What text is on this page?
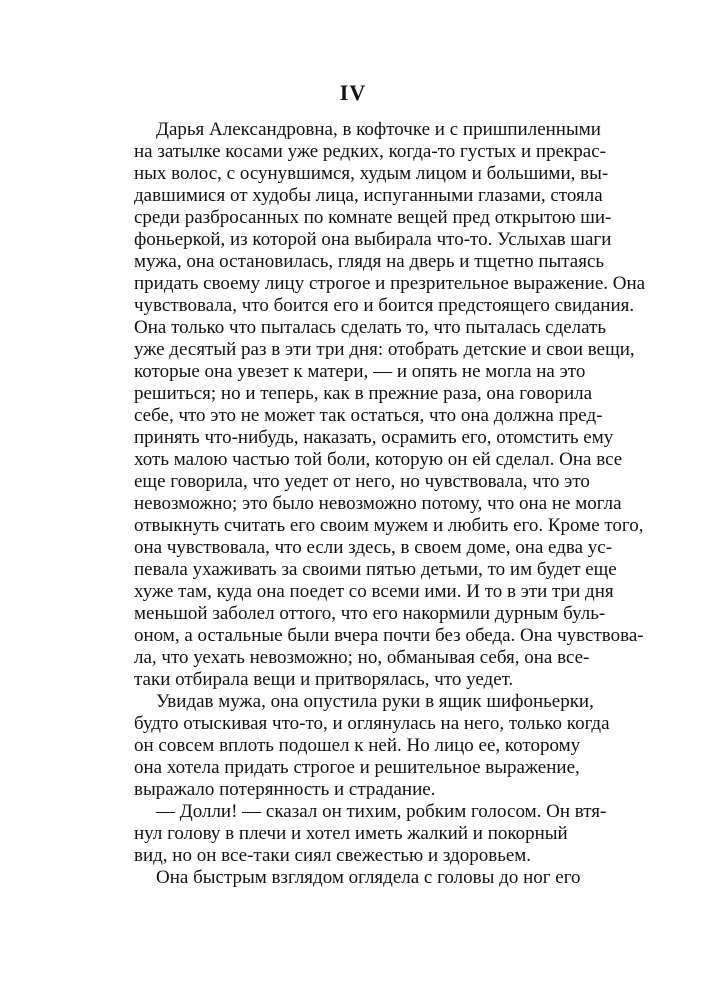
IV
Дарья Александровна, в кофточке и с пришпиленными
на затылке косами уже редких, когда-то густых и прекрас-
ных волос, с осунувшимся, худым лицом и большими, вы-
давшимися от худобы лица, испуганными глазами, стояла
среди разбросанных по комнате вещей пред открытою ши-
фоньеркой, из которой она выбирала что-то. Услыхав шаги
мужа, она остановилась, глядя на дверь и тщетно пытаясь
придать своему лицу строгое и презрительное выражение. Она
чувствовала, что боится его и боится предстоящего свидания.
Она только что пыталась сделать то, что пыталась сделать
уже десятый раз в эти три дня: отобрать детские и свои вещи,
которые она увезет к матери, — и опять не могла на это
решиться; но и теперь, как в прежние раза, она говорила
себе, что это не может так остаться, что она должна пред-
принять что-нибудь, наказать, осрамить его, отомстить ему
хоть малою частью той боли, которую он ей сделал. Она все
еще говорила, что уедет от него, но чувствовала, что это
невозможно; это было невозможно потому, что она не могла
отвыкнуть считать его своим мужем и любить его. Кроме того,
она чувствовала, что если здесь, в своем доме, она едва ус-
певала ухаживать за своими пятью детьми, то им будет еще
хуже там, куда она поедет со всеми ими. И то в эти три дня
меньшой заболел оттого, что его накормили дурным буль-
оном, а остальные были вчера почти без обеда. Она чувствова-
ла, что уехать невозможно; но, обманывая себя, она все-
таки отбирала вещи и притворялась, что уедет.
Увидав мужа, она опустила руки в ящик шифоньерки,
будто отыскивая что-то, и оглянулась на него, только когда
он совсем вплоть подошел к ней. Но лицо ее, которому
она хотела придать строгое и решительное выражение,
выражало потерянность и страдание.
— Долли! — сказал он тихим, робким голосом. Он втя-
нул голову в плечи и хотел иметь жалкий и покорный
вид, но он все-таки сиял свежестью и здоровьем.
Она быстрым взглядом оглядела с головы до ног его
